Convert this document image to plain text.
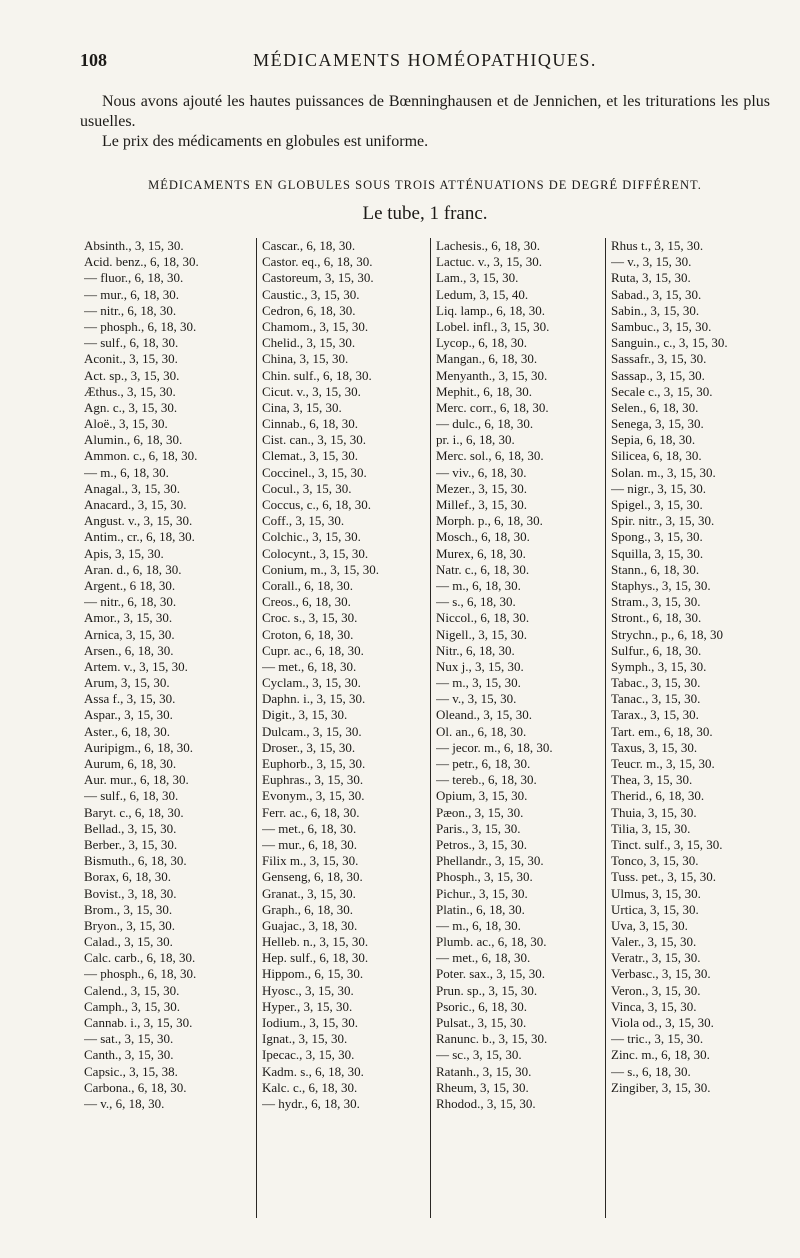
108	MÉDICAMENTS HOMÉOPATHIQUES.

Nous avons ajouté les hautes puissances de Bœnninghausen et de Jennichen, et les triturations les plus usuelles.

Le prix des médicaments en globules est uniforme.

MÉDICAMENTS EN GLOBULES SOUS TROIS ATTÉNUATIONS DE DEGRÉ DIFFÉRENT.
Le tube, 1 franc.
Absinth., 3, 15, 30.
Acid. benz., 6, 18, 30.
— fluor., 6, 18, 30.
— mur., 6, 18, 30.
— nitr., 6, 18, 30.
— phosph., 6, 18, 30.
— sulf., 6, 18, 30.
Aconit., 3, 15, 30.
Act. sp., 3, 15, 30.
Æthus., 3, 15, 30.
Agn. c., 3, 15, 30.
Aloë., 3, 15, 30.
Alumin., 6, 18, 30.
Ammon. c., 6, 18, 30.
— m., 6, 18, 30.
Anagal., 3, 15, 30.
Anacard., 3, 15, 30.
Angust. v., 3, 15, 30.
Antim., cr., 6, 18, 30.
Apis, 3, 15, 30.
Aran. d., 6, 18, 30.
Argent., 6 18, 30.
— nitr., 6, 18, 30.
Amor., 3, 15, 30.
Arnica, 3, 15, 30.
Arsen., 6, 18, 30.
Artem. v., 3, 15, 30.
Arum, 3, 15, 30.
Assa f., 3, 15, 30.
Aspar., 3, 15, 30.
Aster., 6, 18, 30.
Auripigm., 6, 18, 30.
Aurum, 6, 18, 30.
Aur. mur., 6, 18, 30.
— sulf., 6, 18, 30.
Baryt. c., 6, 18, 30.
Bellad., 3, 15, 30.
Berber., 3, 15, 30.
Bismuth., 6, 18, 30.
Borax, 6, 18, 30.
Bovist., 3, 18, 30.
Brom., 3, 15, 30.
Bryon., 3, 15, 30.
Calad., 3, 15, 30.
Calc. carb., 6, 18, 30.
— phosph., 6, 18, 30.
Calend., 3, 15, 30.
Camph., 3, 15, 30.
Cannab. i., 3, 15, 30.
— sat., 3, 15, 30.
Canth., 3, 15, 30.
Capsic., 3, 15, 38.
Carbona., 6, 18, 30.
— v., 6, 18, 30.
Cascar., 6, 18, 30.
Castor. eq., 6, 18, 30.
Castoreum, 3, 15, 30.
Caustic., 3, 15, 30.
Cedron, 6, 18, 30.
Chamom., 3, 15, 30.
Chelid., 3, 15, 30.
China, 3, 15, 30.
Chin. sulf., 6, 18, 30.
Cicut. v., 3, 15, 30.
Cina, 3, 15, 30.
Cinnab., 6, 18, 30.
Cist. can., 3, 15, 30.
Clemat., 3, 15, 30.
Coccinel., 3, 15, 30.
Cocul., 3, 15, 30.
Coccus, c., 6, 18, 30.
Coff., 3, 15, 30.
Colchic., 3, 15, 30.
Colocynt., 3, 15, 30.
Conium, m., 3, 15, 30.
Corall., 6, 18, 30.
Creos., 6, 18, 30.
Croc. s., 3, 15, 30.
Croton, 6, 18, 30.
Cupr. ac., 6, 18, 30.
— met., 6, 18, 30.
Cyclam., 3, 15, 30.
Daphn. i., 3, 15, 30.
Digit., 3, 15, 30.
Dulcam., 3, 15, 30.
Droser., 3, 15, 30.
Euphorb., 3, 15, 30.
Euphras., 3, 15, 30.
Evonym., 3, 15, 30.
Ferr. ac., 6, 18, 30.
— met., 6, 18, 30.
— mur., 6, 18, 30.
Filix m., 3, 15, 30.
Genseng, 6, 18, 30.
Granat., 3, 15, 30.
Graph., 6, 18, 30.
Guajac., 3, 18, 30.
Helleb. n., 3, 15, 30.
Hep. sulf., 6, 18, 30.
Hippom., 6, 15, 30.
Hyosc., 3, 15, 30.
Hyper., 3, 15, 30.
Iodium., 3, 15, 30.
Ignat., 3, 15, 30.
Ipecac., 3, 15, 30.
Kadm. s., 6, 18, 30.
Kalc. c., 6, 18, 30.
— hydr., 6, 18, 30.
Lachesis., 6, 18, 30.
Lactuc. v., 3, 15, 30.
Lam., 3, 15, 30.
Ledum, 3, 15, 40.
Liq. lamp., 6, 18, 30.
Lobel. infl., 3, 15, 30.
Lycop., 6, 18, 30.
Mangan., 6, 18, 30.
Menyanth., 3, 15, 30.
Mephit., 6, 18, 30.
Merc. corr., 6, 18, 30.
— dulc., 6, 18, 30.
pr. i., 6, 18, 30.
Merc. sol., 6, 18, 30.
— viv., 6, 18, 30.
Mezer., 3, 15, 30.
Millef., 3, 15, 30.
Morph. p., 6, 18, 30.
Mosch., 6, 18, 30.
Murex, 6, 18, 30.
Natr. c., 6, 18, 30.
— m., 6, 18, 30.
— s., 6, 18, 30.
Niccol., 6, 18, 30.
Nigell., 3, 15, 30.
Nitr., 6, 18, 30.
Nux j., 3, 15, 30.
— m., 3, 15, 30.
— v., 3, 15, 30.
Oleand., 3, 15, 30.
Ol. an., 6, 18, 30.
— jecor. m., 6, 18, 30.
— petr., 6, 18, 30.
— tereb., 6, 18, 30.
Opium, 3, 15, 30.
Pæon., 3, 15, 30.
Paris., 3, 15, 30.
Petros., 3, 15, 30.
Phellandr., 3, 15, 30.
Phosph., 3, 15, 30.
Pichur., 3, 15, 30.
Platin., 6, 18, 30.
— m., 6, 18, 30.
Plumb. ac., 6, 18, 30.
— met., 6, 18, 30.
Poter. sax., 3, 15, 30.
Prun. sp., 3, 15, 30.
Psoric., 6, 18, 30.
Pulsat., 3, 15, 30.
Ranunc. b., 3, 15, 30.
— sc., 3, 15, 30.
Ratanh., 3, 15, 30.
Rheum, 3, 15, 30.
Rhodod., 3, 15, 30.
Rhus t., 3, 15, 30.
— v., 3, 15, 30.
Ruta, 3, 15, 30.
Sabad., 3, 15, 30.
Sabin., 3, 15, 30.
Sambuc., 3, 15, 30.
Sanguin., c., 3, 15, 30.
Sassafr., 3, 15, 30.
Sassap., 3, 15, 30.
Secale c., 3, 15, 30.
Selen., 6, 18, 30.
Senega, 3, 15, 30.
Sepia, 6, 18, 30.
Silicea, 6, 18, 30.
Solan. m., 3, 15, 30.
— nigr., 3, 15, 30.
Spigel., 3, 15, 30.
Spir. nitr., 3, 15, 30.
Spong., 3, 15, 30.
Squilla, 3, 15, 30.
Stann., 6, 18, 30.
Staphys., 3, 15, 30.
Stram., 3, 15, 30.
Stront., 6, 18, 30.
Strychn., p., 6, 18, 30
Sulfur., 6, 18, 30.
Symph., 3, 15, 30.
Tabac., 3, 15, 30.
Tanac., 3, 15, 30.
Tarax., 3, 15, 30.
Tart. em., 6, 18, 30.
Taxus, 3, 15, 30.
Teucr. m., 3, 15, 30.
Thea, 3, 15, 30.
Therid., 6, 18, 30.
Thuia, 3, 15, 30.
Tilia, 3, 15, 30.
Tinct. sulf., 3, 15, 30.
Tonco, 3, 15, 30.
Tuss. pet., 3, 15, 30.
Ulmus, 3, 15, 30.
Urtica, 3, 15, 30.
Uva, 3, 15, 30.
Valer., 3, 15, 30.
Veratr., 3, 15, 30.
Verbasc., 3, 15, 30.
Veron., 3, 15, 30.
Vinca, 3, 15, 30.
Viola od., 3, 15, 30.
— tric., 3, 15, 30.
Zinc. m., 6, 18, 30.
— s., 6, 18, 30.
Zingiber, 3, 15, 30.
